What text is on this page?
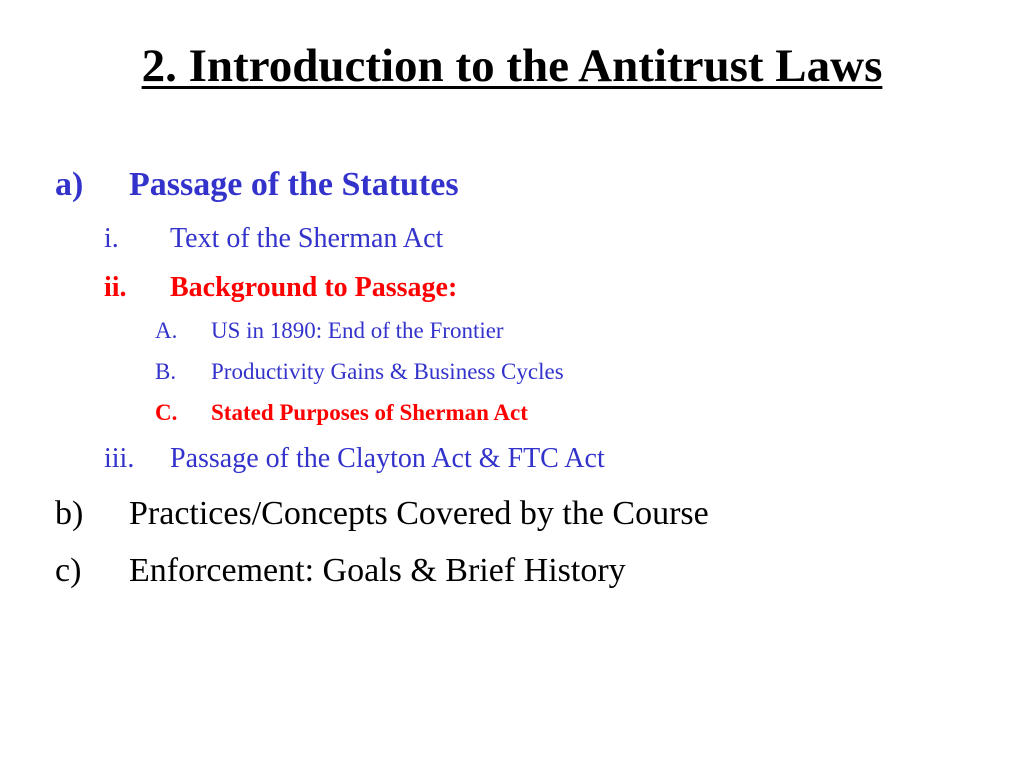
2. Introduction to the Antitrust Laws
a) Passage of the Statutes
i. Text of the Sherman Act
ii. Background to Passage:
A. US in 1890: End of the Frontier
B. Productivity Gains & Business Cycles
C. Stated Purposes of Sherman Act
iii. Passage of the Clayton Act & FTC Act
b) Practices/Concepts Covered by the Course
c) Enforcement: Goals & Brief History
